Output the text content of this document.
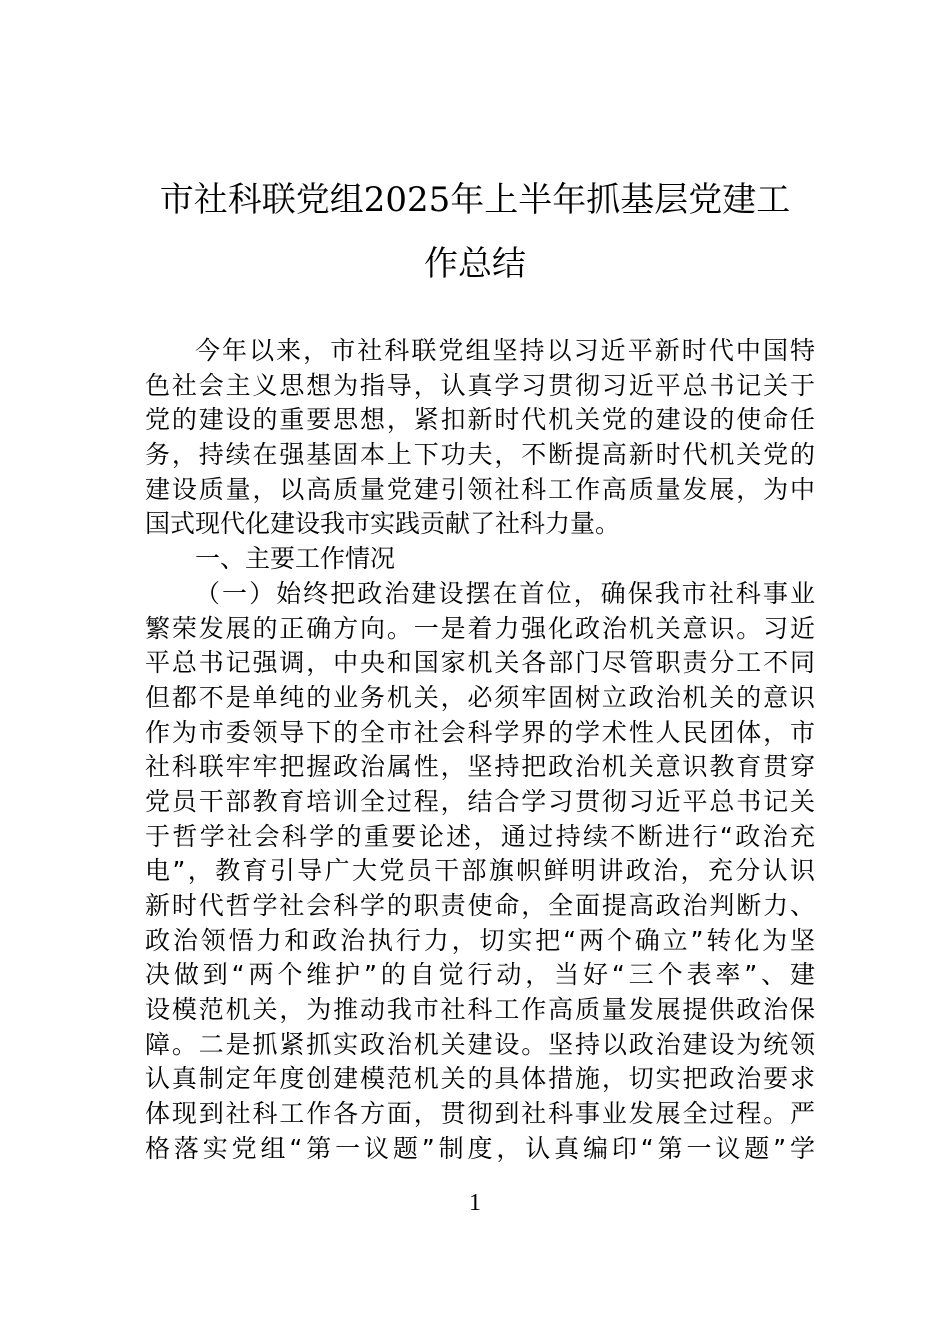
市社科联党组2025年上半年抓基层党建工
作总结
今年以来，市社科联党组坚持以习近平新时代中国特
色社会主义思想为指导，认真学习贯彻习近平总书记关于
党的建设的重要思想，紧扣新时代机关党的建设的使命任
务，持续在强基固本上下功夫，不断提高新时代机关党的
建设质量，以高质量党建引领社科工作高质量发展，为中
国式现代化建设我市实践贡献了社科力量。
一、主要工作情况
（一）始终把政治建设摆在首位，确保我市社科事业
繁荣发展的正确方向。一是着力强化政治机关意识。习近
平总书记强调，中央和国家机关各部门尽管职责分工不同
但都不是单纯的业务机关，必须牢固树立政治机关的意识
作为市委领导下的全市社会科学界的学术性人民团体，市
社科联牢牢把握政治属性，坚持把政治机关意识教育贯穿
党员干部教育培训全过程，结合学习贯彻习近平总书记关
于哲学社会科学的重要论述，通过持续不断进行“政治充
电”，教育引导广大党员干部旗帜鲜明讲政治，充分认识
新时代哲学社会科学的职责使命，全面提高政治判断力、
政治领悟力和政治执行力，切实把“两个确立”转化为坚
决做到“两个维护”的自觉行动，当好“三个表率”、建
设模范机关，为推动我市社科工作高质量发展提供政治保
障。二是抓紧抓实政治机关建设。坚持以政治建设为统领
认真制定年度创建模范机关的具体措施，切实把政治要求
体现到社科工作各方面，贯彻到社科事业发展全过程。严
格落实党组“第一议题”制度，认真编印“第一议题”学
1
